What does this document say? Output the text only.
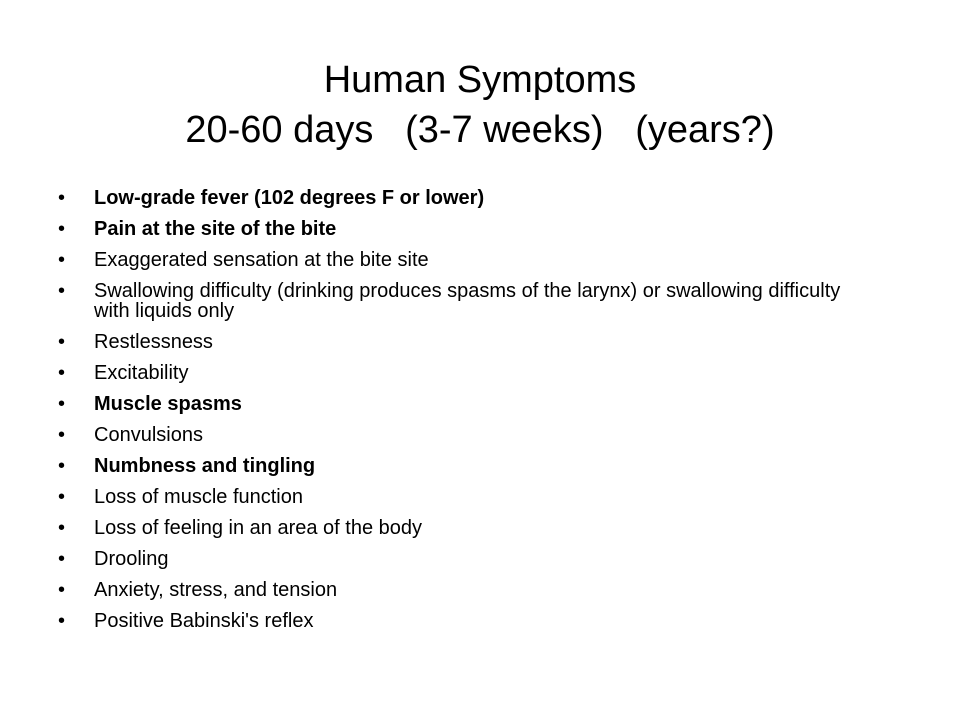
Human Symptoms
20-60 days   (3-7 weeks)   (years?)
• Low-grade fever (102 degrees F or lower)
• Pain at the site of the bite
• Exaggerated sensation at the bite site
• Swallowing difficulty (drinking produces spasms of the larynx) or swallowing difficulty with liquids only
• Restlessness
• Excitability
• Muscle spasms
• Convulsions
• Numbness and tingling
• Loss of muscle function
• Loss of feeling in an area of the body
• Drooling
• Anxiety, stress, and tension
• Positive Babinski's reflex
